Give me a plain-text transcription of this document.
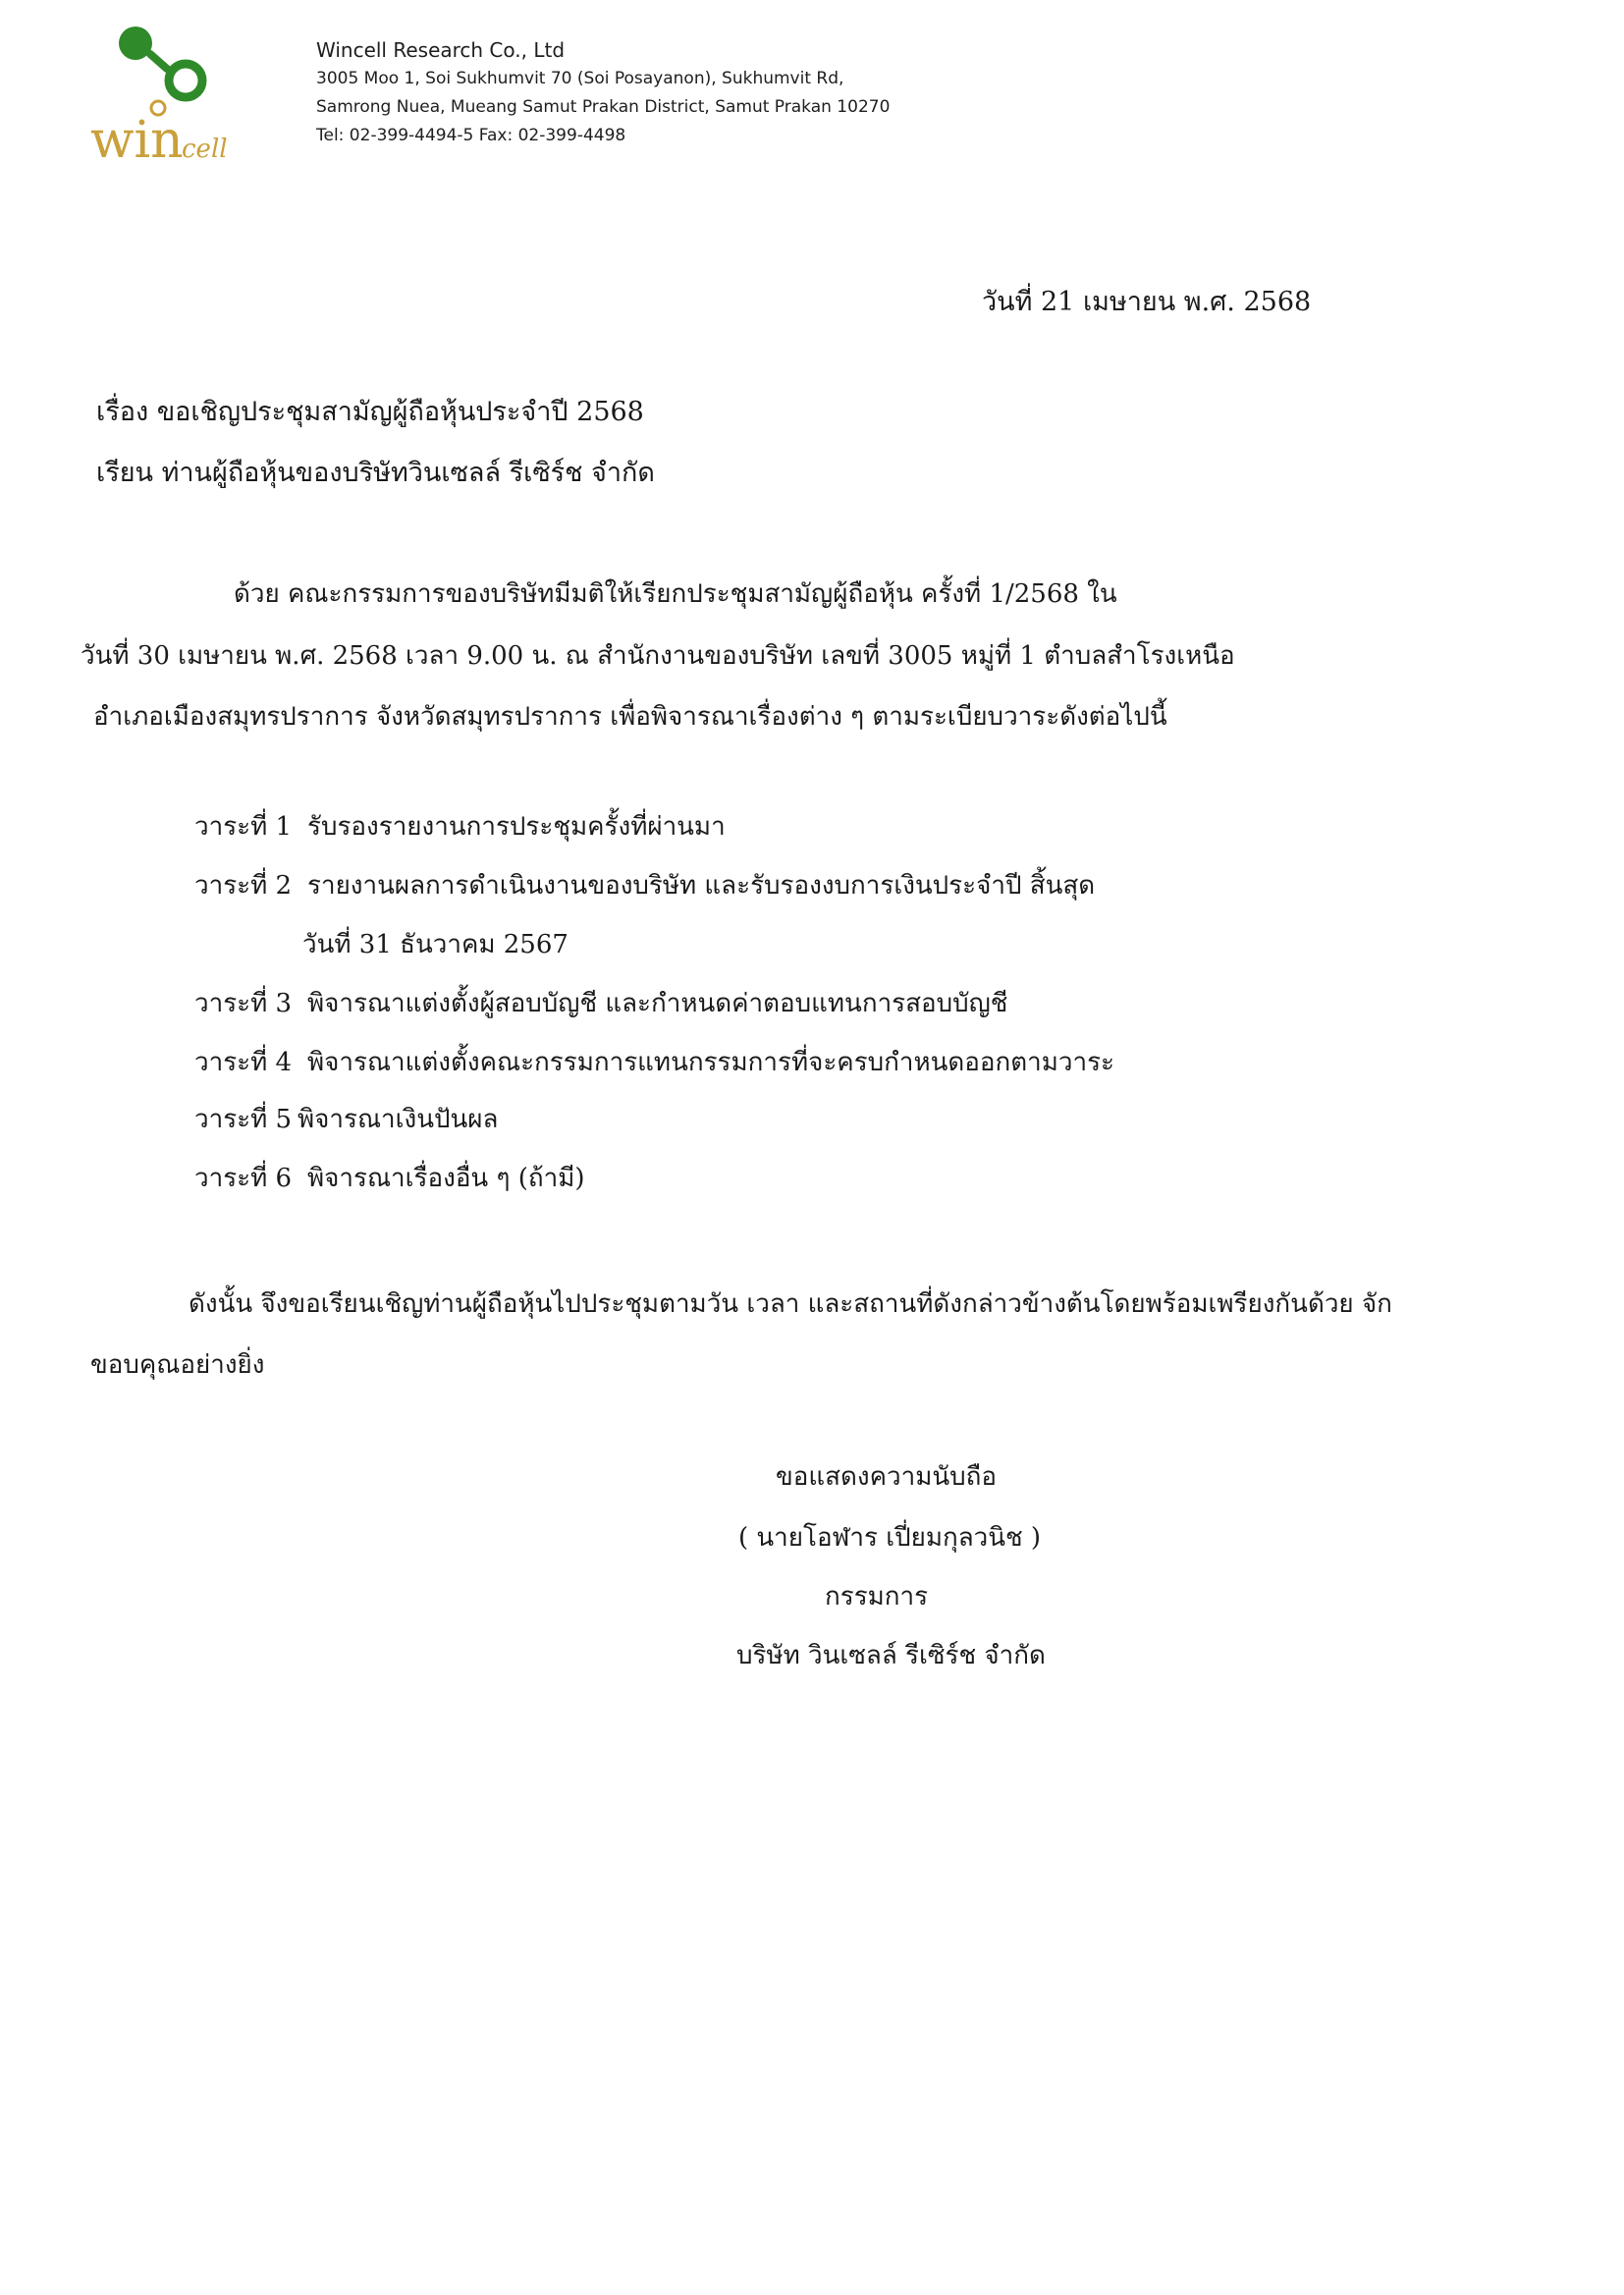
win
cell
Wincell Research Co., Ltd
3005 Moo 1, Soi Sukhumvit 70 (Soi Posayanon), Sukhumvit Rd,
Samrong Nuea, Mueang Samut Prakan District, Samut Prakan 10270
Tel: 02-399-4494-5 Fax: 02-399-4498
วันที่ 21 เมษายน พ.ศ. 2568
เรื่อง ขอเชิญประชุมสามัญผู้ถือหุ้นประจำปี 2568
เรียน ท่านผู้ถือหุ้นของบริษัทวินเซลล์ รีเซิร์ช จำกัด
ด้วย คณะกรรมการของบริษัทมีมติให้เรียกประชุมสามัญผู้ถือหุ้น ครั้งที่ 1/2568 ใน
วันที่ 30 เมษายน พ.ศ. 2568 เวลา 9.00 น. ณ สำนักงานของบริษัท เลขที่ 3005 หมู่ที่ 1 ตำบลสำโรงเหนือ
อำเภอเมืองสมุทรปราการ จังหวัดสมุทรปราการ เพื่อพิจารณาเรื่องต่าง ๆ ตามระเบียบวาระดังต่อไปนี้
วาระที่ 1 รับรองรายงานการประชุมครั้งที่ผ่านมา
วาระที่ 2 รายงานผลการดำเนินงานของบริษัท และรับรองงบการเงินประจำปี สิ้นสุด
วันที่ 31 ธันวาคม 2567
วาระที่ 3 พิจารณาแต่งตั้งผู้สอบบัญชี และกำหนดค่าตอบแทนการสอบบัญชี
วาระที่ 4 พิจารณาแต่งตั้งคณะกรรมการแทนกรรมการที่จะครบกำหนดออกตามวาระ
วาระที่ 5 พิจารณาเงินปันผล
วาระที่ 6 พิจารณาเรื่องอื่น ๆ (ถ้ามี)
ดังนั้น จึงขอเรียนเชิญท่านผู้ถือหุ้นไปประชุมตามวัน เวลา และสถานที่ดังกล่าวข้างต้นโดยพร้อมเพรียงกันด้วย จัก
ขอบคุณอย่างยิ่ง
ขอแสดงความนับถือ
( นายโอฬาร เปี่ยมกุลวนิช )
กรรมการ
บริษัท วินเซลล์ รีเซิร์ช จำกัด
